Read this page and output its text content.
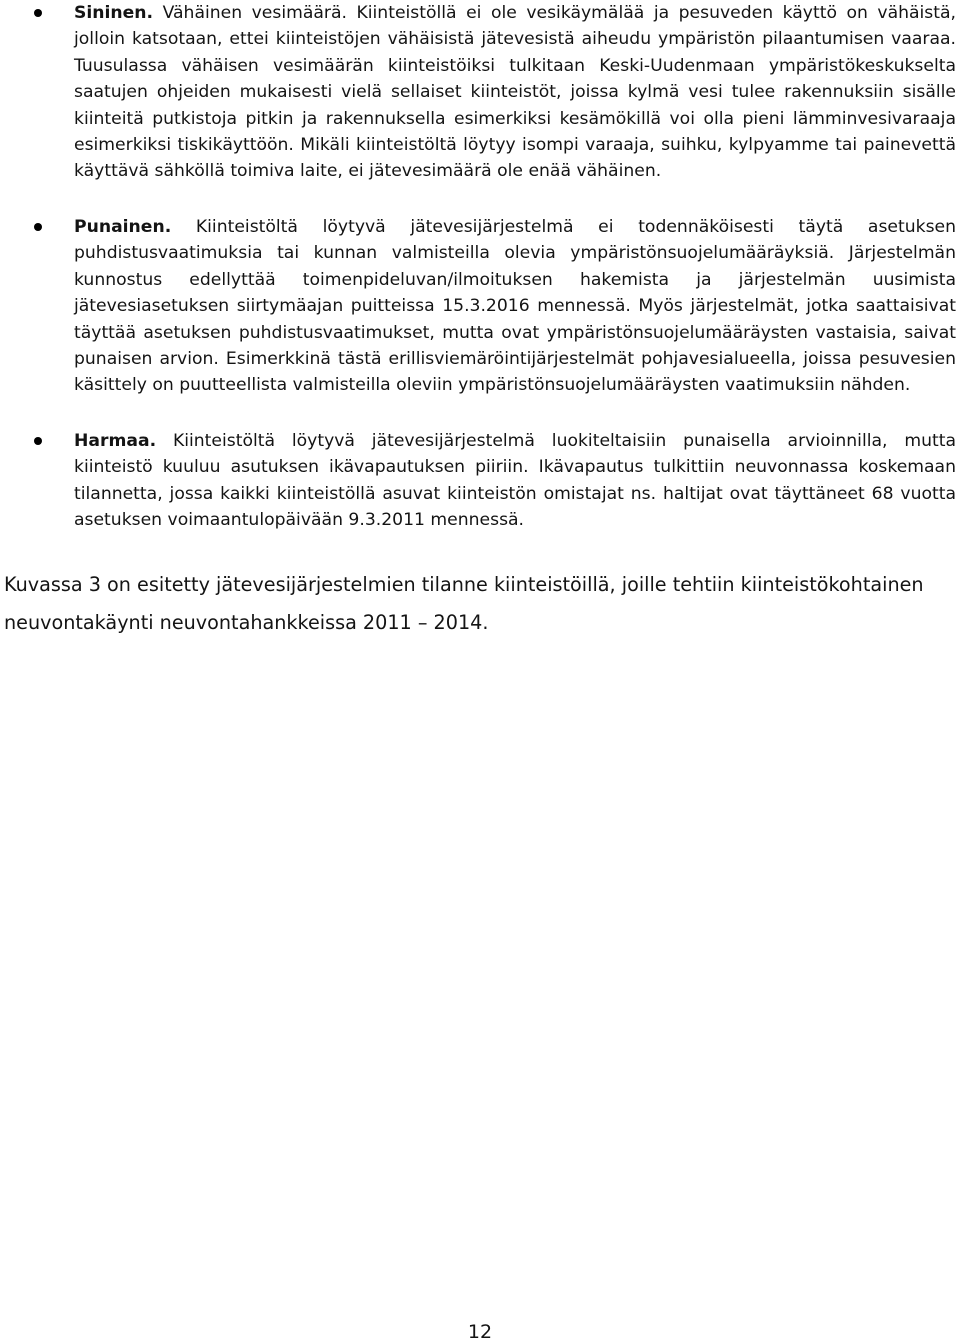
Sininen. Vähäinen vesimäärä. Kiinteistöllä ei ole vesikäymälää ja pesuveden käyttö on vähäistä, jolloin katsotaan, ettei kiinteistöjen vähäisistä jätevesistä aiheudu ympäristön pilaantumisen vaaraa. Tuusulassa vähäisen vesimäärän kiinteistöiksi tulkitaan Keski-Uudenmaan ympäristökeskukselta saatujen ohjeiden mukaisesti vielä sellaiset kiinteistöt, joissa kylmä vesi tulee rakennuksiin sisälle kiinteitä putkistoja pitkin ja rakennuksella esimerkiksi kesämökillä voi olla pieni lämminvesivaraaja esimerkiksi tiskikäyttöön. Mikäli kiinteistöltä löytyy isompi varaaja, suihku, kylpyamme tai painevettä käyttävä sähköllä toimiva laite, ei jätevesimäärä ole enää vähäinen.
Punainen. Kiinteistöltä löytyvä jätevesijärjestelmä ei todennäköisesti täytä asetuksen puhdistusvaatimuksia tai kunnan valmisteilla olevia ympäristönsuojelumääräyksiä. Järjestelmän kunnostus edellyttää toimenpideluvan/ilmoituksen hakemista ja järjestelmän uusimista jätevesiasetuksen siirtymäajan puitteissa 15.3.2016 mennessä. Myös järjestelmät, jotka saattaisivat täyttää asetuksen puhdistusvaatimukset, mutta ovat ympäristönsuojelumääräysten vastaisia, saivat punaisen arvion. Esimerkkinä tästä erillisviemäröintijärjestelmät pohjavesialueella, joissa pesuvesien käsittely on puutteellista valmisteilla oleviin ympäristönsuojelumääräysten vaatimuksiin nähden.
Harmaa. Kiinteistöltä löytyvä jätevesijärjestelmä luokiteltaisiin punaisella arvioinnilla, mutta kiinteistö kuuluu asutuksen ikävapautuksen piiriin. Ikävapautus tulkittiin neuvonnassa koskemaan tilannetta, jossa kaikki kiinteistöllä asuvat kiinteistön omistajat ns. haltijat ovat täyttäneet 68 vuotta asetuksen voimaantulopäivään 9.3.2011 mennessä.

Kuvassa 3 on esitetty jätevesijärjestelmien tilanne kiinteistöillä, joille tehtiin kiinteistökohtainen neuvontakäynti neuvontahankkeissa 2011 – 2014.

12
